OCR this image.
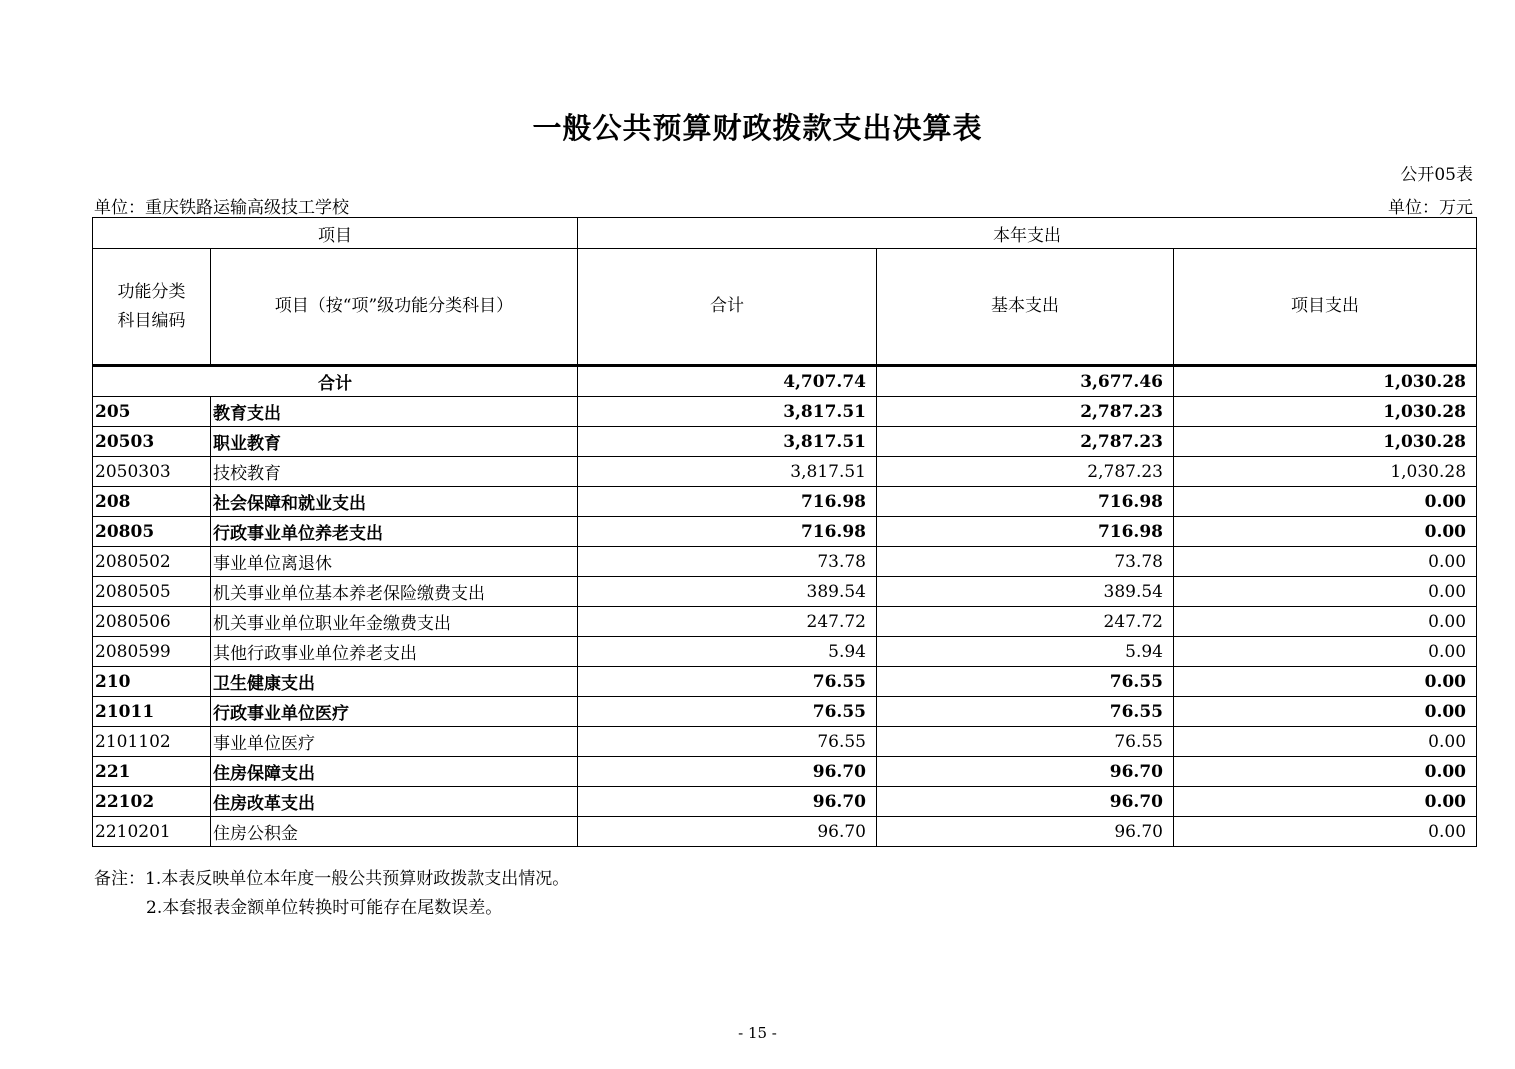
一般公共预算财政拨款支出决算表
公开05表
单位：重庆铁路运输高级技工学校	单位：万元
项目		本年支出		
功能分类科目编码	项目（按“项”级功能分类科目）	合计	基本支出	项目支出

合计		4,707.74	3,677.46	1,030.28
205	教育支出	3,817.51	2,787.23	1,030.28
20503	职业教育	3,817.51	2,787.23	1,030.28
2050303	技校教育	3,817.51	2,787.23	1,030.28
208	社会保障和就业支出	716.98	716.98	0.00
20805	行政事业单位养老支出	716.98	716.98	0.00
2080502	事业单位离退休	73.78	73.78	0.00
2080505	机关事业单位基本养老保险缴费支出	389.54	389.54	0.00
2080506	机关事业单位职业年金缴费支出	247.72	247.72	0.00
2080599	其他行政事业单位养老支出	5.94	5.94	0.00
210	卫生健康支出	76.55	76.55	0.00
21011	行政事业单位医疗	76.55	76.55	0.00
2101102	事业单位医疗	76.55	76.55	0.00
221	住房保障支出	96.70	96.70	0.00
22102	住房改革支出	96.70	96.70	0.00
2210201	住房公积金	96.70	96.70	0.00
备注：1.本表反映单位本年度一般公共预算财政拨款支出情况。
2.本套报表金额单位转换时可能存在尾数误差。
- 15 -
